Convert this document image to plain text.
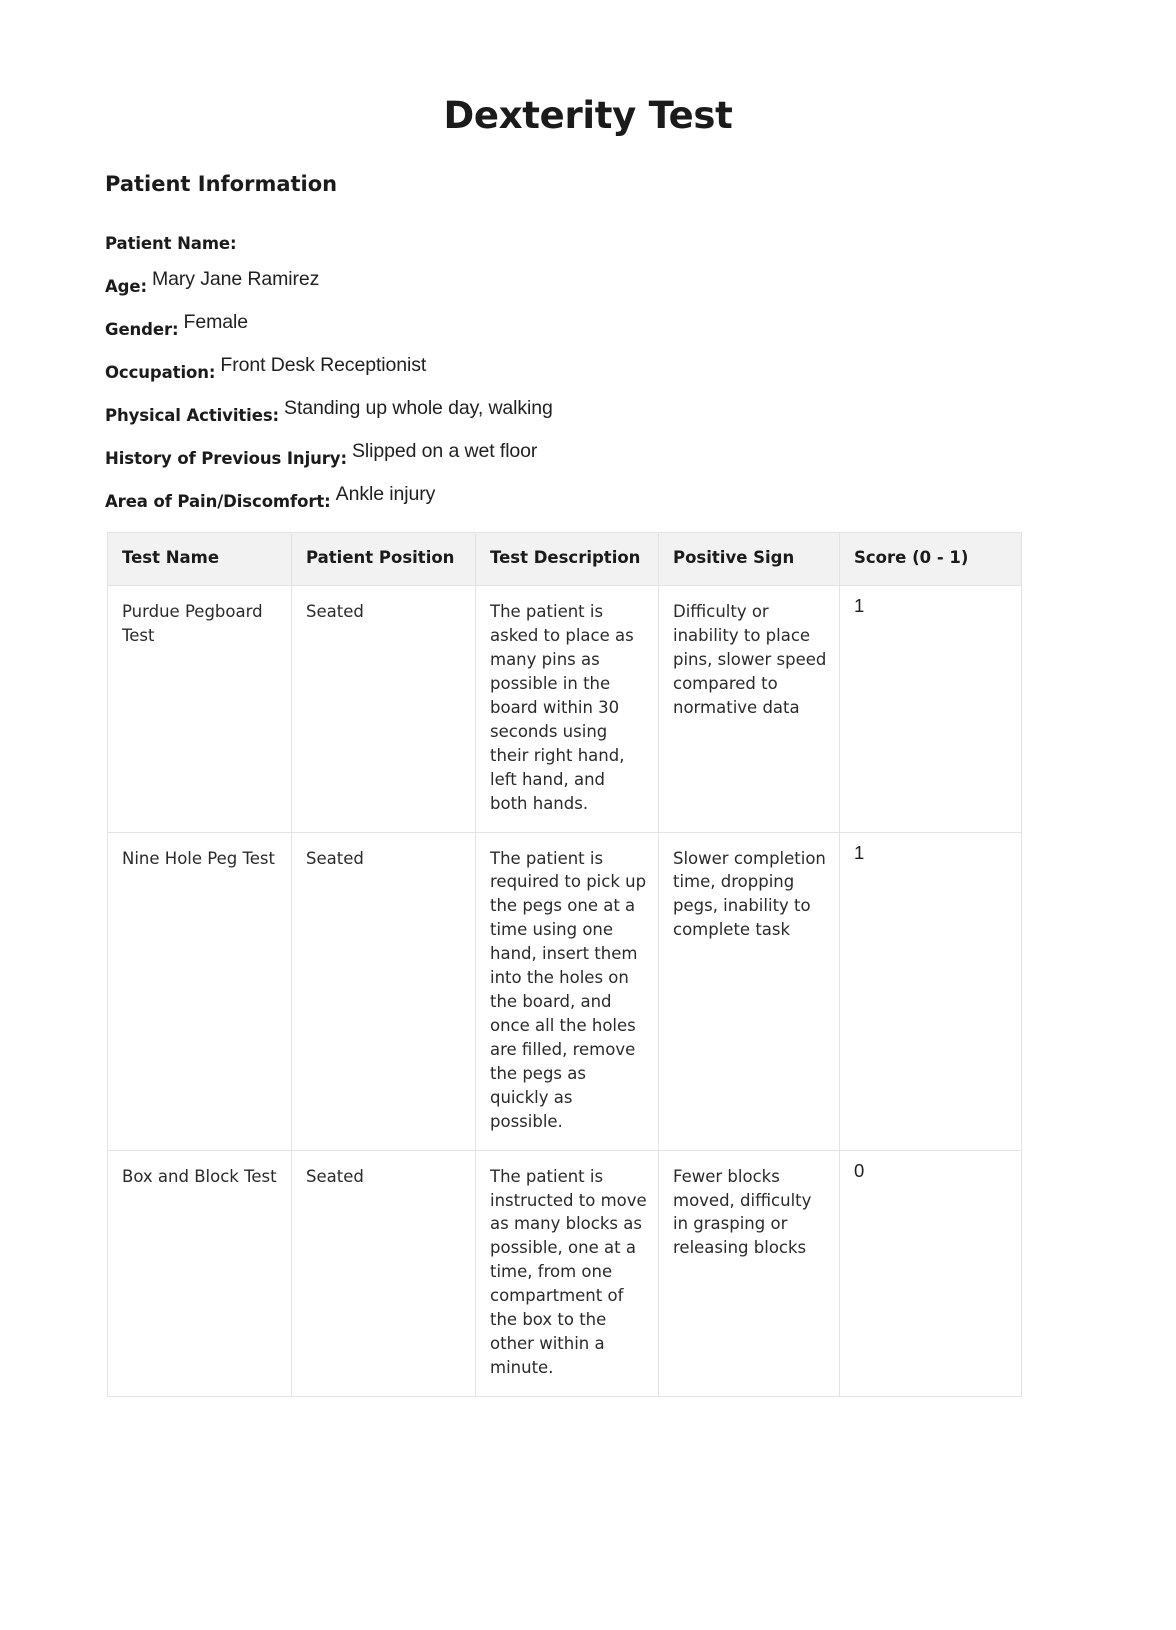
Dexterity Test
Patient Information
Patient Name:
Age: Mary Jane Ramirez
Gender: Female
Occupation: Front Desk Receptionist
Physical Activities: Standing up whole day, walking
History of Previous Injury: Slipped on a wet floor
Area of Pain/Discomfort: Ankle injury
Test Name	Patient Position	Test Description	Positive Sign	Score (0 - 1)
Purdue Pegboard Test	Seated	The patient is asked to place as many pins as possible in the board within 30 seconds using their right hand, left hand, and both hands.	Difficulty or inability to place pins, slower speed compared to normative data	1
Nine Hole Peg Test	Seated	The patient is required to pick up the pegs one at a time using one hand, insert them into the holes on the board, and once all the holes are filled, remove the pegs as quickly as possible.	Slower completion time, dropping pegs, inability to complete task	1
Box and Block Test	Seated	The patient is instructed to move as many blocks as possible, one at a time, from one compartment of the box to the other within a minute.	Fewer blocks moved, difficulty in grasping or releasing blocks	0
